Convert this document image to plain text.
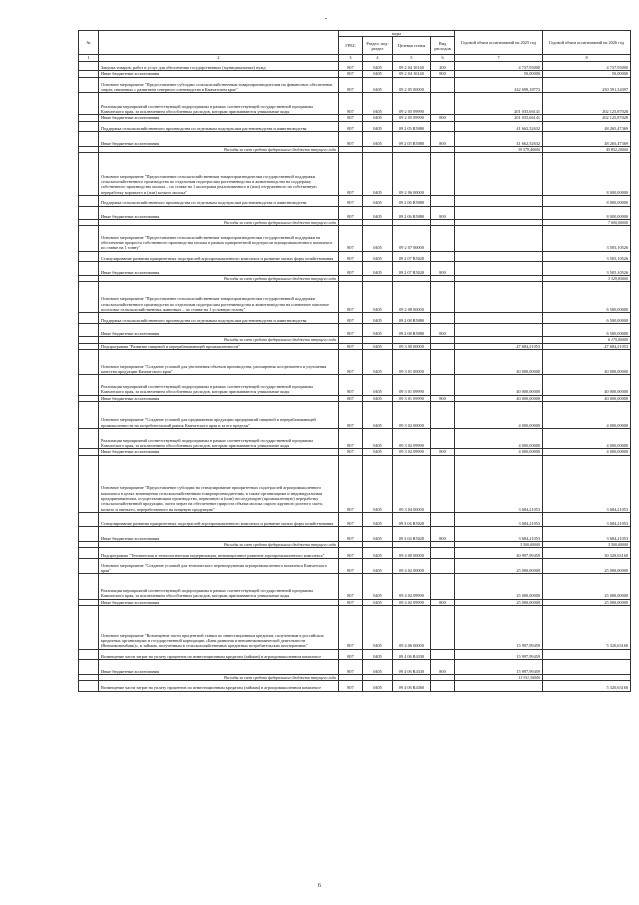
№		коды				Годовой объем ассигнований на 2025 год	Годовой объем ассигнований на 2026 год
		ГРБС	Раздел, под-раздел	Целевая статья	Вид расходов		
1	2	3	4	5	6	7	8
	Закупка товаров, работ и услуг для обеспечения государственных (муниципальных) нужд	807	0405	09 2 04 10140	200	4 737,95000	4 737,95000
	Иные бюджетные ассигнования	807	0405	09 2 04 10140	800	50,00000	50,00000
	Основное мероприятие "Предоставление субсидии сельскохозяйственным товаропроизводителям на финансовое обеспечение затрат, связанных с развитием северного оленеводства в Камчатском крае"	807	0405	09 2 05 00000		242 698,18773	250 391,34397
	Реализация мероприятий соответствующей подпрограммы в рамках соответствующей государственной программы Камчатского края, за исключением обособленных расходов, которым присваиваются уникальные коды	807	0405	09 2 05 09990		201 035,66141	202 125,87028
	Иные бюджетные ассигнования	807	0405	09 2 05 09990	800	201 035,66141	202 125,87028
	Поддержка сельскохозяйственного производства по отдельным подотраслям растениеводства и животноводства	807	0405	09 2 05 R5080		41 662,52632	48 265,47369
	Иные бюджетные ассигнования	807	0405	09 2 05 R5080	800	41 662,52632	48 265,47369
	Расходы за счет средств федерального бюджета текущего года					39 579,40000	45 852,20000
	Основное мероприятие "Предоставление сельскохозяйственным товаропроизводителям государственной поддержки сельскохозяйственного производства по отдельным подотраслям растениеводства и животноводства на поддержку собственного производства молока – по ставке на 1 килограмм реализованного и (или) отгруженного на собственную переработку коровьего и (или) козьего молока"	807	0405	09 2 06 00000			8 000,00000
	Поддержка сельскохозяйственного производства по отдельным подотраслям растениеводства и животноводства	807	0405	09 2 06 R5080			8 000,00000
	Иные бюджетные ассигнования	807	0405	09 2 06 R5080	800		8 000,00000
	Расходы за счет средств федерального бюджета текущего года						7 600,00000
	Основное мероприятие "Предоставление сельскохозяйственным товаропроизводителям государственной поддержки на обеспечение прироста собственного производства молока в рамках приоритетной подотрасли агропромышленного комплекса по ставке на 1 тонну"	807	0405	09 2 07 00000			3 505,10526
	Стимулирование развития приоритетных подотраслей агропромышленного комплекса и развитие малых форм хозяйствования	807	0405	09 2 07 R5020			3 505,10526
	Иные бюджетные ассигнования	807	0405	09 2 07 R5020	800		3 505,10526
	Расходы за счет средств федерального бюджета текущего года						3 329,85000
	Основное мероприятие "Предоставление сельскохозяйственным товаропроизводителям государственной поддержки сельскохозяйственного производства по отдельным подотраслям растениеводства и животноводства на племенное маточное поголовье сельскохозяйственных животных – по ставке на 1 условную голову"	807	0405	09 2 08 00000			6 500,00000
	Поддержка сельскохозяйственного производства по отдельным подотраслям растениеводства и животноводства	807	0405	09 2 08 R5080			6 500,00000
	Иные бюджетные ассигнования	807	0405	09 2 08 R5080	800		6 500,00000
	Расходы за счет средств федерального бюджета текущего года						6 175,00000
	Подпрограмма "Развитие пищевой и перерабатывающей промышленности"	807	0405	09 3 00 00000		47 684,21053	47 684,21053
	Основное мероприятие "Создание условий для увеличения объемов производства, расширения ассортимента и улучшения качества продукции Камчатского края"	807	0405	09 3 01 00000		40 000,00000	40 000,00000
	Реализация мероприятий соответствующей подпрограммы в рамках соответствующей государственной программы Камчатского края, за исключением обособленных расходов, которым присваиваются уникальные коды	807	0405	09 3 01 09990		40 000,00000	40 000,00000
	Иные бюджетные ассигнования	807	0405	09 3 01 09990	800	40 000,00000	40 000,00000
	Основное мероприятие "Создание условий для продвижения продукции предприятий пищевой и перерабатывающей промышленности на потребительский рынок Камчатского края и за его пределы"	807	0405	09 3 02 00000		4 000,00000	4 000,00000
	Реализация мероприятий соответствующей подпрограммы в рамках соответствующей государственной программы Камчатского края, за исключением обособленных расходов, которым присваиваются уникальные коды	807	0405	09 3 02 09990		4 000,00000	4 000,00000
	Иные бюджетные ассигнования	807	0405	09 3 02 09990	800	4 000,00000	4 000,00000
	Основное мероприятие "Предоставление субсидии на стимулирование приоритетных подотраслей агропромышленного комплекса в целях возмещения сельскохозяйственным товаропроизводителям, в также организациям и индивидуальным предпринимателям, осуществляющим производство, первичную и (или) последующую (промышленную) переработку сельскохозяйственной продукции, части затрат на обеспечение прироста объема молока сырого крупного рогатого скота, козьего и овечьего, переработанного на пищевую продукцию"	807	0405	09 3 04 00000		3 684,21053	3 684,21053
	Стимулирование развития приоритетных подотраслей агропромышленного комплекса и развитие малых форм хозяйствования	807	0405	09 3 04 R5020		3 684,21053	3 684,21053
	Иные бюджетные ассигнования	807	0405	09 3 04 R5020	800	3 684,21053	3 684,21053
	Расходы за счет средств федерального бюджета текущего года					3 500,00000	3 500,00000
	Подпрограмма "Техническая и технологическая модернизация, инновационное развитие агропромышленного комплекса"	807	0405	09 4 00 00000		40 997,99459	30 320,63160
	Основное мероприятие "Создание условий для технического перевооружения агропромышленного комплекса Камчатского края"	807	0405	09 4 02 00000		25 000,00000	25 000,00000
	Реализация мероприятий соответствующей подпрограммы в рамках соответствующей государственной программы Камчатского края, за исключением обособленных расходов, которым присваиваются уникальные коды	807	0405	09 4 02 09990		25 000,00000	25 000,00000
	Иные бюджетные ассигнования	807	0405	09 4 02 09990	800	25 000,00000	25 000,00000
	Основное мероприятие "Возмещение части процентной ставки по инвестиционным кредитам, полученным в российских кредитных организациях и государственной корпорации «Банк развития и внешнеэкономической деятельности (Внешэкономбанк)», и займам, полученным в сельскохозяйственных кредитных потребительских кооперативах"	807	0405	09 4 06 00000		15 997,99459	5 320,63160
	Возмещение части затрат на уплату процентов по инвестиционным кредитам (займам) в агропромышленном комплексе	807	0405	09 4 06 R4330		15 997,99459	
	Иные бюджетные ассигнования	807	0405	09 4 06 R4330	800	15 997,99459	
	Расходы за счет средств федерального бюджета текущего года					13 911,30000	
	Возмещение части затрат на уплату процентов по инвестиционным кредитам (займам) в агропромышленном комплексе	807	0405	09 4 06 R4360			5 320,63160
6
